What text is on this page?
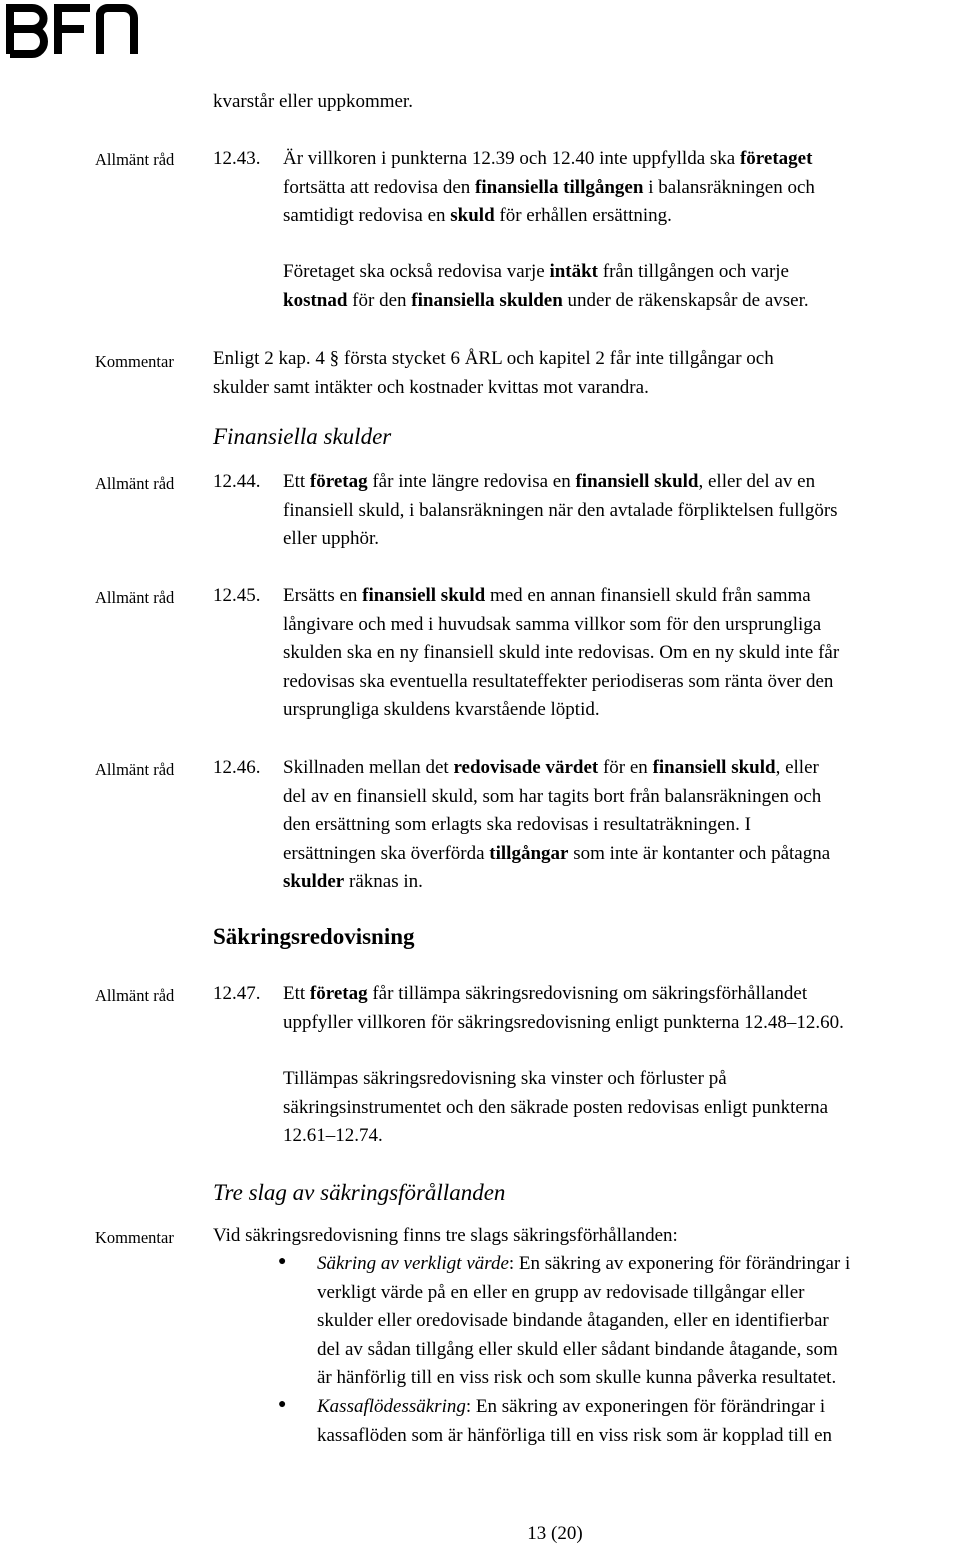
kvarstår eller uppkommer.
Allmänt råd	12.43. Är villkoren i punkterna 12.39 och 12.40 inte uppfyllda ska företaget
fortsätta att redovisa den finansiella tillgången i balansräkningen och
samtidigt redovisa en skuld för erhållen ersättning.
Företaget ska också redovisa varje intäkt från tillgången och varje
kostnad för den finansiella skulden under de räkenskapsår de avser.
Kommentar	Enligt 2 kap. 4 § första stycket 6 ÅRL och kapitel 2 får inte tillgångar och
skulder samt intäkter och kostnader kvittas mot varandra.
Finansiella skulder
Allmänt råd	12.44. Ett företag får inte längre redovisa en finansiell skuld, eller del av en
finansiell skuld, i balansräkningen när den avtalade förpliktelsen fullgörs
eller upphör.
Allmänt råd	12.45. Ersätts en finansiell skuld med en annan finansiell skuld från samma
långivare och med i huvudsak samma villkor som för den ursprungliga
skulden ska en ny finansiell skuld inte redovisas. Om en ny skuld inte får
redovisas ska eventuella resultateffekter periodiseras som ränta över den
ursprungliga skuldens kvarstående löptid.
Allmänt råd	12.46. Skillnaden mellan det redovisade värdet för en finansiell skuld, eller
del av en finansiell skuld, som har tagits bort från balansräkningen och
den ersättning som erlagts ska redovisas i resultaträkningen. I
ersättningen ska överförda tillgångar som inte är kontanter och påtagna
skulder räknas in.
Säkringsredovisning
Allmänt råd	12.47. Ett företag får tillämpa säkringsredovisning om säkringsförhållandet
uppfyller villkoren för säkringsredovisning enligt punkterna 12.48–12.60.
Tillämpas säkringsredovisning ska vinster och förluster på
säkringsinstrumentet och den säkrade posten redovisas enligt punkterna
12.61–12.74.
Tre slag av säkringsförållanden
Kommentar	Vid säkringsredovisning finns tre slags säkringsförhållanden:
● Säkring av verkligt värde: En säkring av exponering för förändringar i
verkligt värde på en eller en grupp av redovisade tillgångar eller
skulder eller oredovisade bindande åtaganden, eller en identifierbar
del av sådan tillgång eller skuld eller sådant bindande åtagande, som
är hänförlig till en viss risk och som skulle kunna påverka resultatet.
● Kassaflödessäkring: En säkring av exponeringen för förändringar i
kassaflöden som är hänförliga till en viss risk som är kopplad till en
13 (20)
